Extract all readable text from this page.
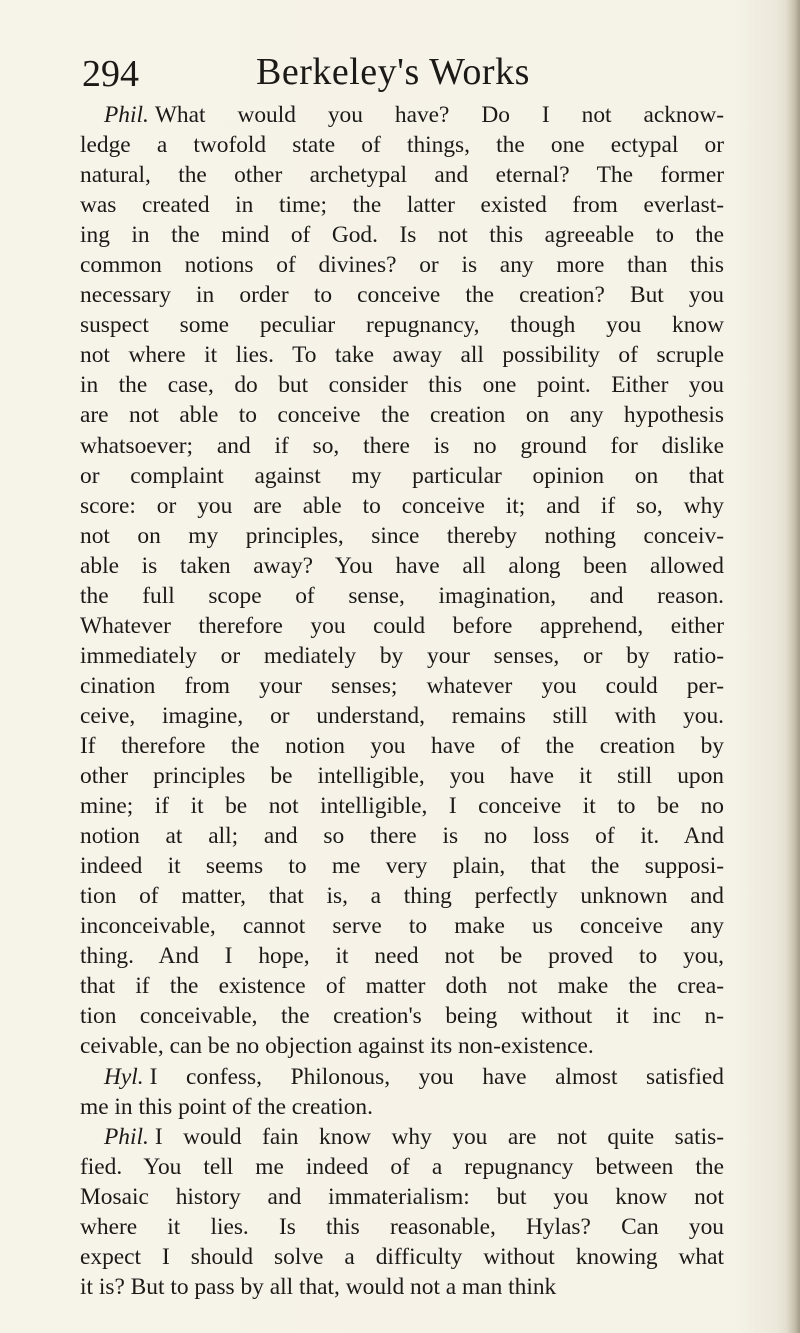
294	Berkeley's Works
Phil. What would you have? Do I not acknow-
ledge a twofold state of things, the one ectypal or
natural, the other archetypal and eternal? The former
was created in time; the latter existed from everlast-
ing in the mind of God. Is not this agreeable to the
common notions of divines? or is any more than this
necessary in order to conceive the creation? But you
suspect some peculiar repugnancy, though you know
not where it lies. To take away all possibility of scruple
in the case, do but consider this one point. Either you
are not able to conceive the creation on any hypothesis
whatsoever; and if so, there is no ground for dislike
or complaint against my particular opinion on that
score: or you are able to conceive it; and if so, why
not on my principles, since thereby nothing conceiv-
able is taken away? You have all along been allowed
the full scope of sense, imagination, and reason.
Whatever therefore you could before apprehend, either
immediately or mediately by your senses, or by ratio-
cination from your senses; whatever you could per-
ceive, imagine, or understand, remains still with you.
If therefore the notion you have of the creation by
other principles be intelligible, you have it still upon
mine; if it be not intelligible, I conceive it to be no
notion at all; and so there is no loss of it. And
indeed it seems to me very plain, that the supposi-
tion of matter, that is, a thing perfectly unknown and
inconceivable, cannot serve to make us conceive any
thing. And I hope, it need not be proved to you,
that if the existence of matter doth not make the crea-
tion conceivable, the creation's being without it inc n-
ceivable, can be no objection against its non-existence.
Hyl. I confess, Philonous, you have almost satisfied
me in this point of the creation.
Phil. I would fain know why you are not quite satis-
fied. You tell me indeed of a repugnancy between the
Mosaic history and immaterialism: but you know not
where it lies. Is this reasonable, Hylas? Can you
expect I should solve a difficulty without knowing what
it is? But to pass by all that, would not a man think
